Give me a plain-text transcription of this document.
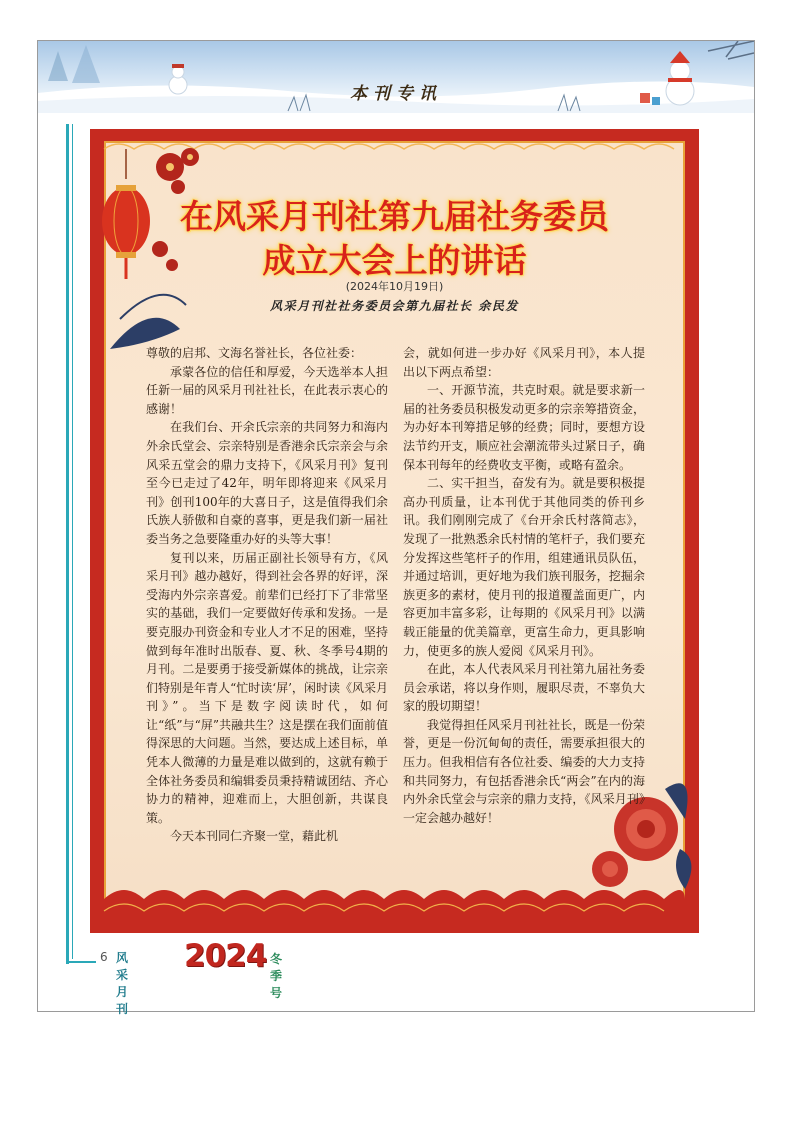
本刊专讯
在风采月刊社第九届社务委员
成立大会上的讲话
(2024年10月19日)
风采月刊社社务委员会第九届社长 余民发

尊敬的启邦、文海名誉社长，各位社委：

承蒙各位的信任和厚爱，今天选举本人担任新一届的风采月刊社社长，在此表示衷心的感谢！

在我们台、开余氏宗亲的共同努力和海内外余氏堂会、宗亲特别是香港余氏宗亲会与余风采五堂会的鼎力支持下，《风采月刊》复刊至今已走过了42年，明年即将迎来《风采月刊》创刊100年的大喜日子，这是值得我们余氏族人骄傲和自豪的喜事，更是我们新一届社委当务之急要隆重办好的头等大事！

复刊以来，历届正副社长领导有方，《风采月刊》越办越好，得到社会各界的好评，深受海内外宗亲喜爱。前辈们已经打下了非常坚实的基础，我们一定要做好传承和发扬。一是要克服办刊资金和专业人才不足的困难，坚持做到每年准时出版春、夏、秋、冬季号4期的月刊。二是要勇于接受新媒体的挑战，让宗亲们特别是年青人“忙时读‘屏’，闲时读《风采月刊》”。当下是数字阅读时代，如何让“纸”与“屏”共融共生？这是摆在我们面前值得深思的大问题。当然，要达成上述目标，单凭本人微薄的力量是难以做到的，这就有赖于全体社务委员和编辑委员秉持精诚团结、齐心协力的精神，迎难而上，大胆创新，共谋良策。

今天本刊同仁齐聚一堂，藉此机

会，就如何进一步办好《风采月刊》，本人提出以下两点希望：

一、开源节流，共克时艰。就是要求新一届的社务委员积极发动更多的宗亲筹措资金，为办好本刊筹措足够的经费；同时，要想方设法节约开支，顺应社会潮流带头过紧日子，确保本刊每年的经费收支平衡，或略有盈余。

二、实干担当，奋发有为。就是要积极提高办刊质量，让本刊优于其他同类的侨刊乡讯。我们刚刚完成了《台开余氏村落简志》，发现了一批熟悉余氏村情的笔杆子，我们要充分发挥这些笔杆子的作用，组建通讯员队伍，并通过培训，更好地为我们族刊服务，挖掘余族更多的素材，使月刊的报道覆盖面更广，内容更加丰富多彩，让每期的《风采月刊》以满载正能量的优美篇章，更富生命力，更具影响力，使更多的族人爱阅《风采月刊》。

在此，本人代表风采月刊社第九届社务委员会承诺，将以身作则，履职尽责，不辜负大家的殷切期望！

我觉得担任风采月刊社社长，既是一份荣誉，更是一份沉甸甸的责任，需要承担很大的压力。但我相信有各位社委、编委的大力支持和共同努力，有包括香港余氏“两会”在内的海内外余氏堂会与宗亲的鼎力支持，《风采月刊》一定会越办越好！

6 风采月刊
2024 冬季号
